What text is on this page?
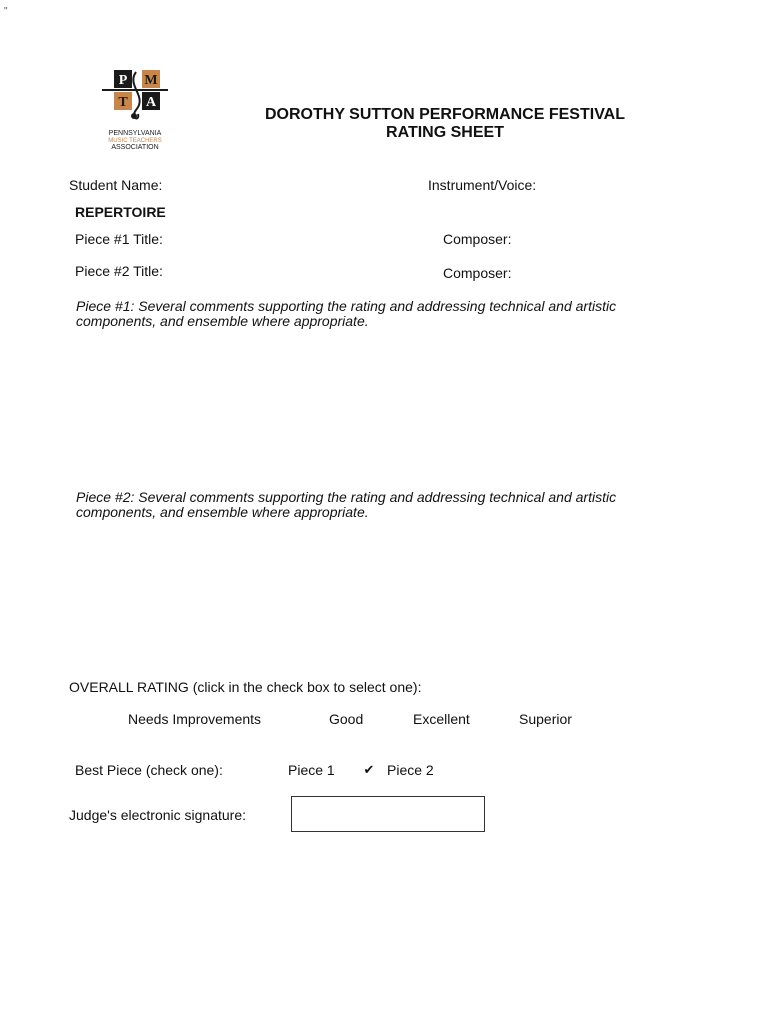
"
P M
T A
PENNSYLVANIA
MUSIC TEACHERS
ASSOCIATION
DOROTHY SUTTON PERFORMANCE FESTIVAL
RATING SHEET
Student Name:	Instrument/Voice:
REPERTOIRE
Piece #1 Title:	Composer:
Piece #2 Title:	Composer:
Piece #1: Several comments supporting the rating and addressing technical and artistic
components, and ensemble where appropriate.
Piece #2: Several comments supporting the rating and addressing technical and artistic
components, and ensemble where appropriate.
OVERALL RATING (click in the check box to select one):
Needs Improvements	Good	Excellent	Superior
Best Piece (check one):	Piece 1 ✔ Piece 2
Judge's electronic signature:
